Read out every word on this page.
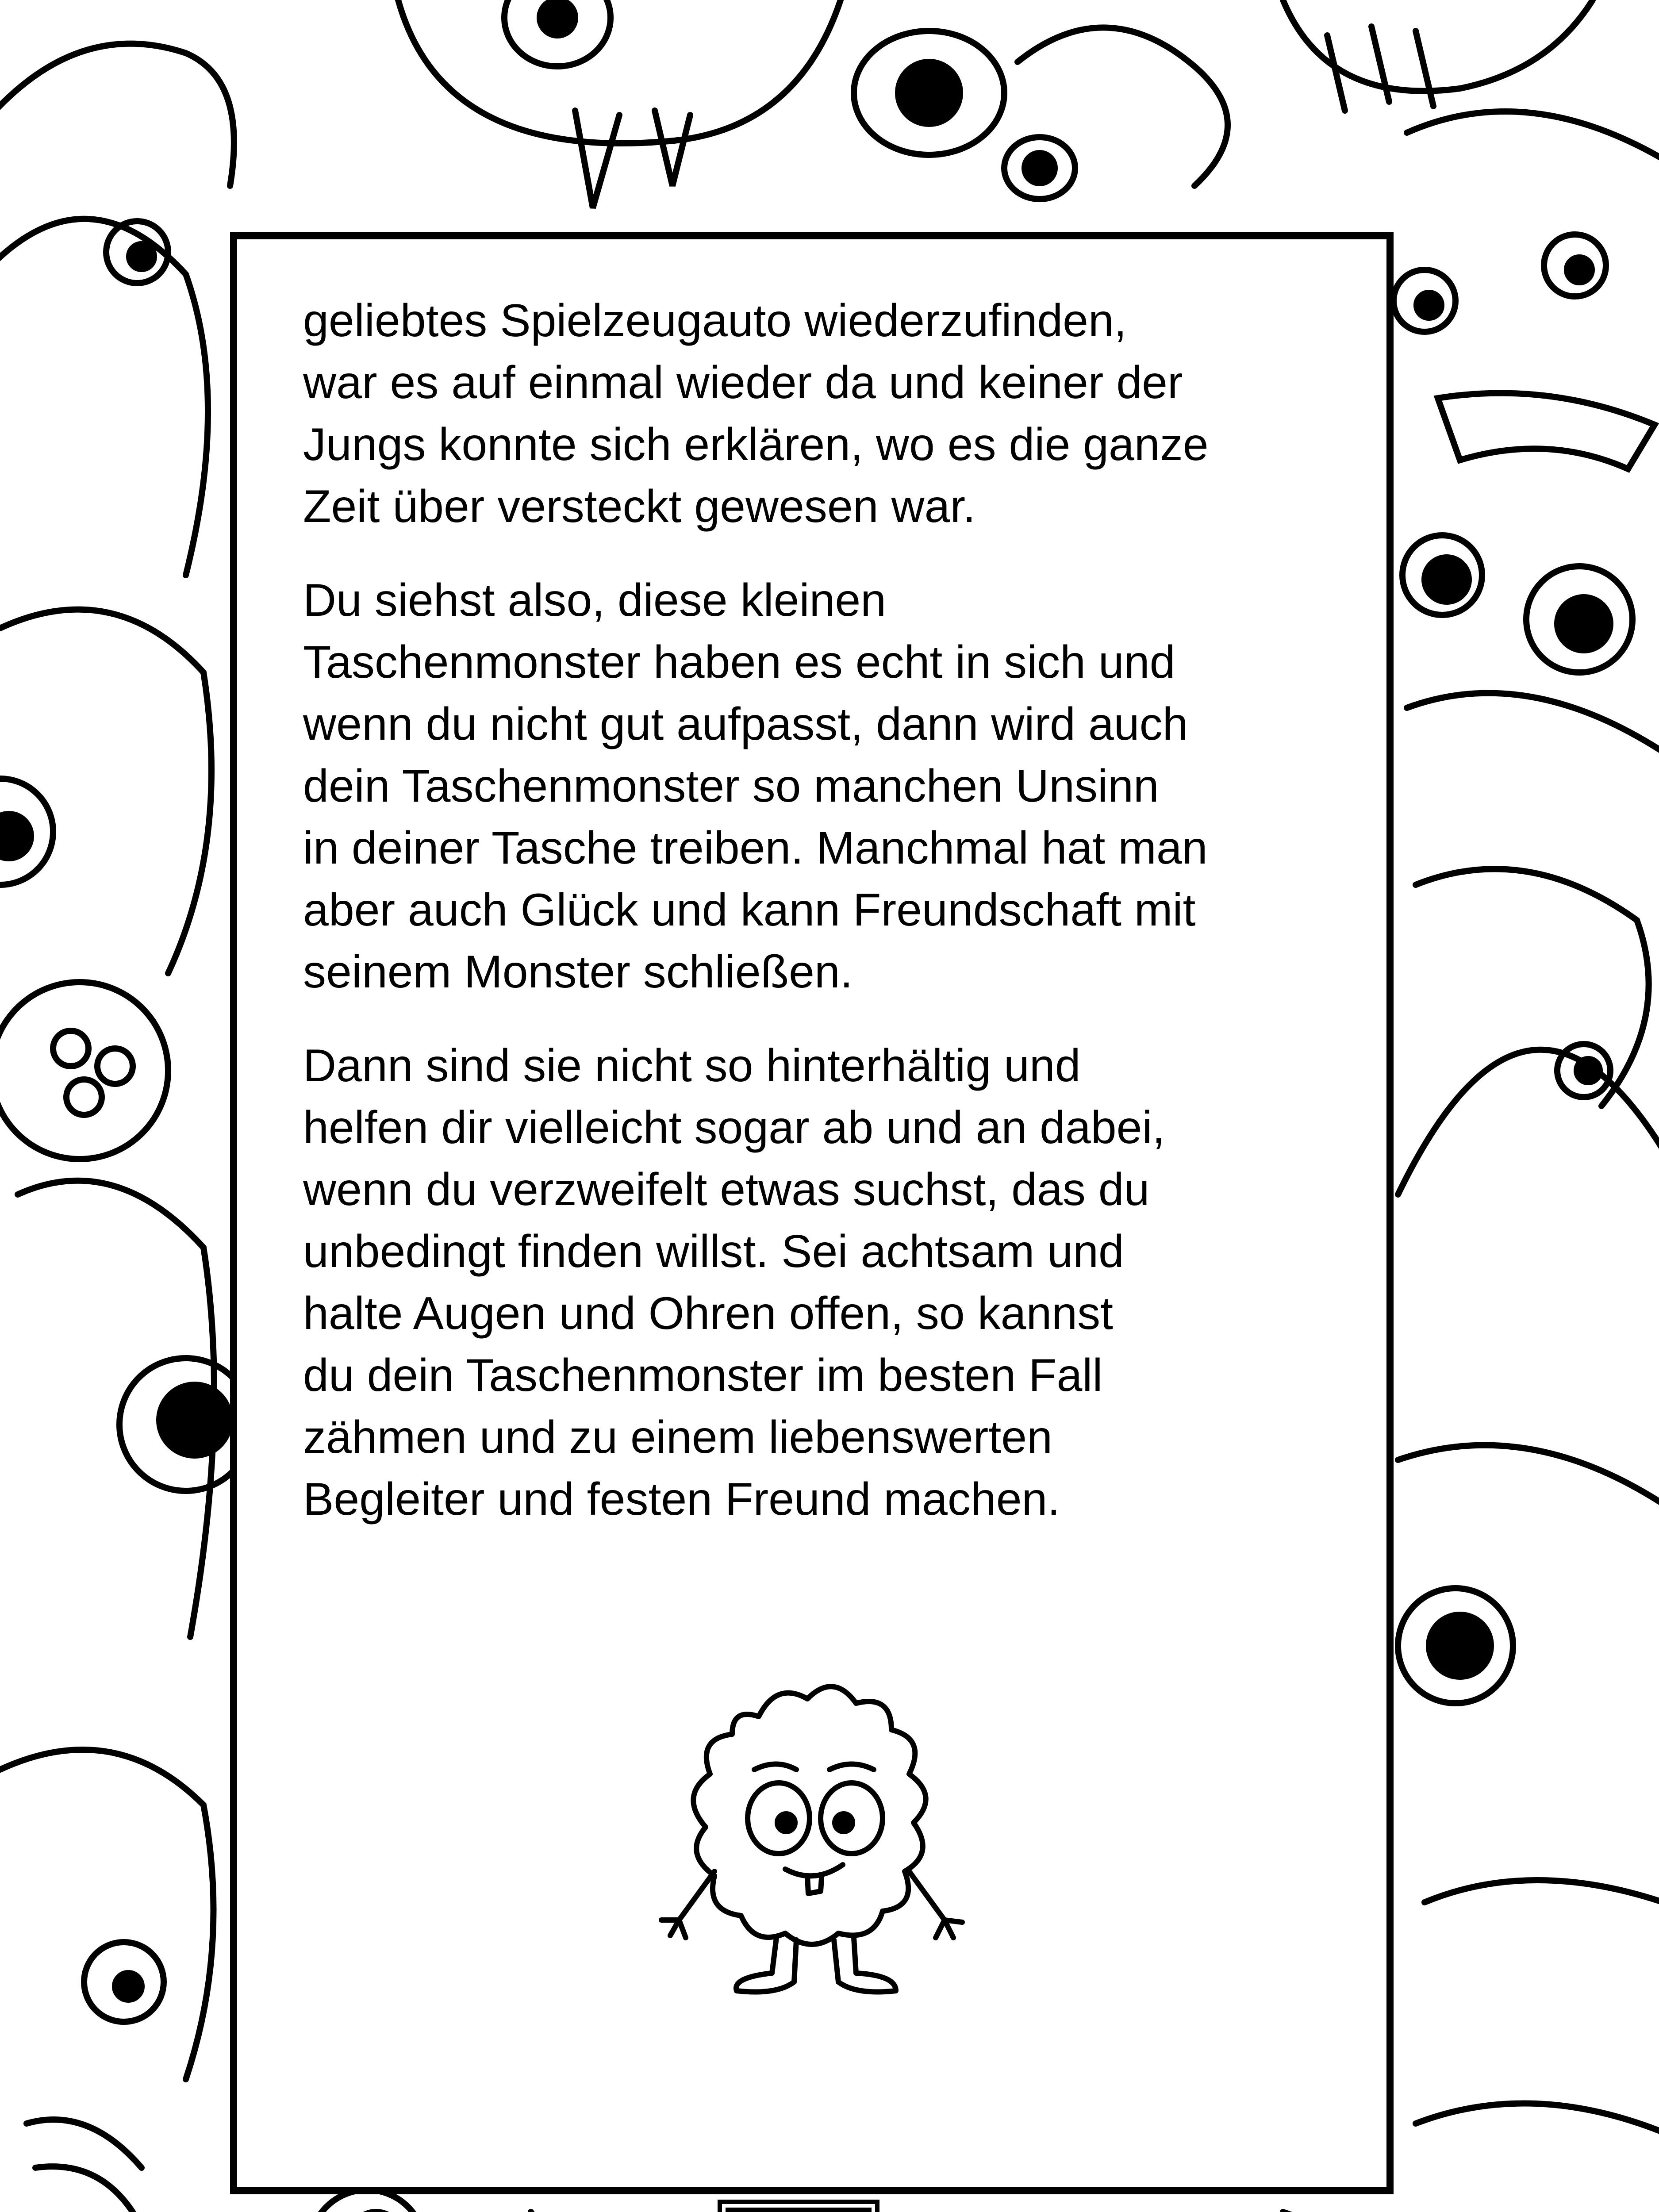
geliebtes Spielzeugauto wiederzufinden,
war es auf einmal wieder da und keiner der
Jungs konnte sich erklären, wo es die ganze
Zeit über versteckt gewesen war.

Du siehst also, diese kleinen
Taschenmonster haben es echt in sich und
wenn du nicht gut aufpasst, dann wird auch
dein Taschenmonster so manchen Unsinn
in deiner Tasche treiben. Manchmal hat man
aber auch Glück und kann Freundschaft mit
seinem Monster schließen.

Dann sind sie nicht so hinterhältig und
helfen dir vielleicht sogar ab und an dabei,
wenn du verzweifelt etwas suchst, das du
unbedingt finden willst. Sei achtsam und
halte Augen und Ohren offen, so kannst
du dein Taschenmonster im besten Fall
zähmen und zu einem liebenswerten
Begleiter und festen Freund machen.
